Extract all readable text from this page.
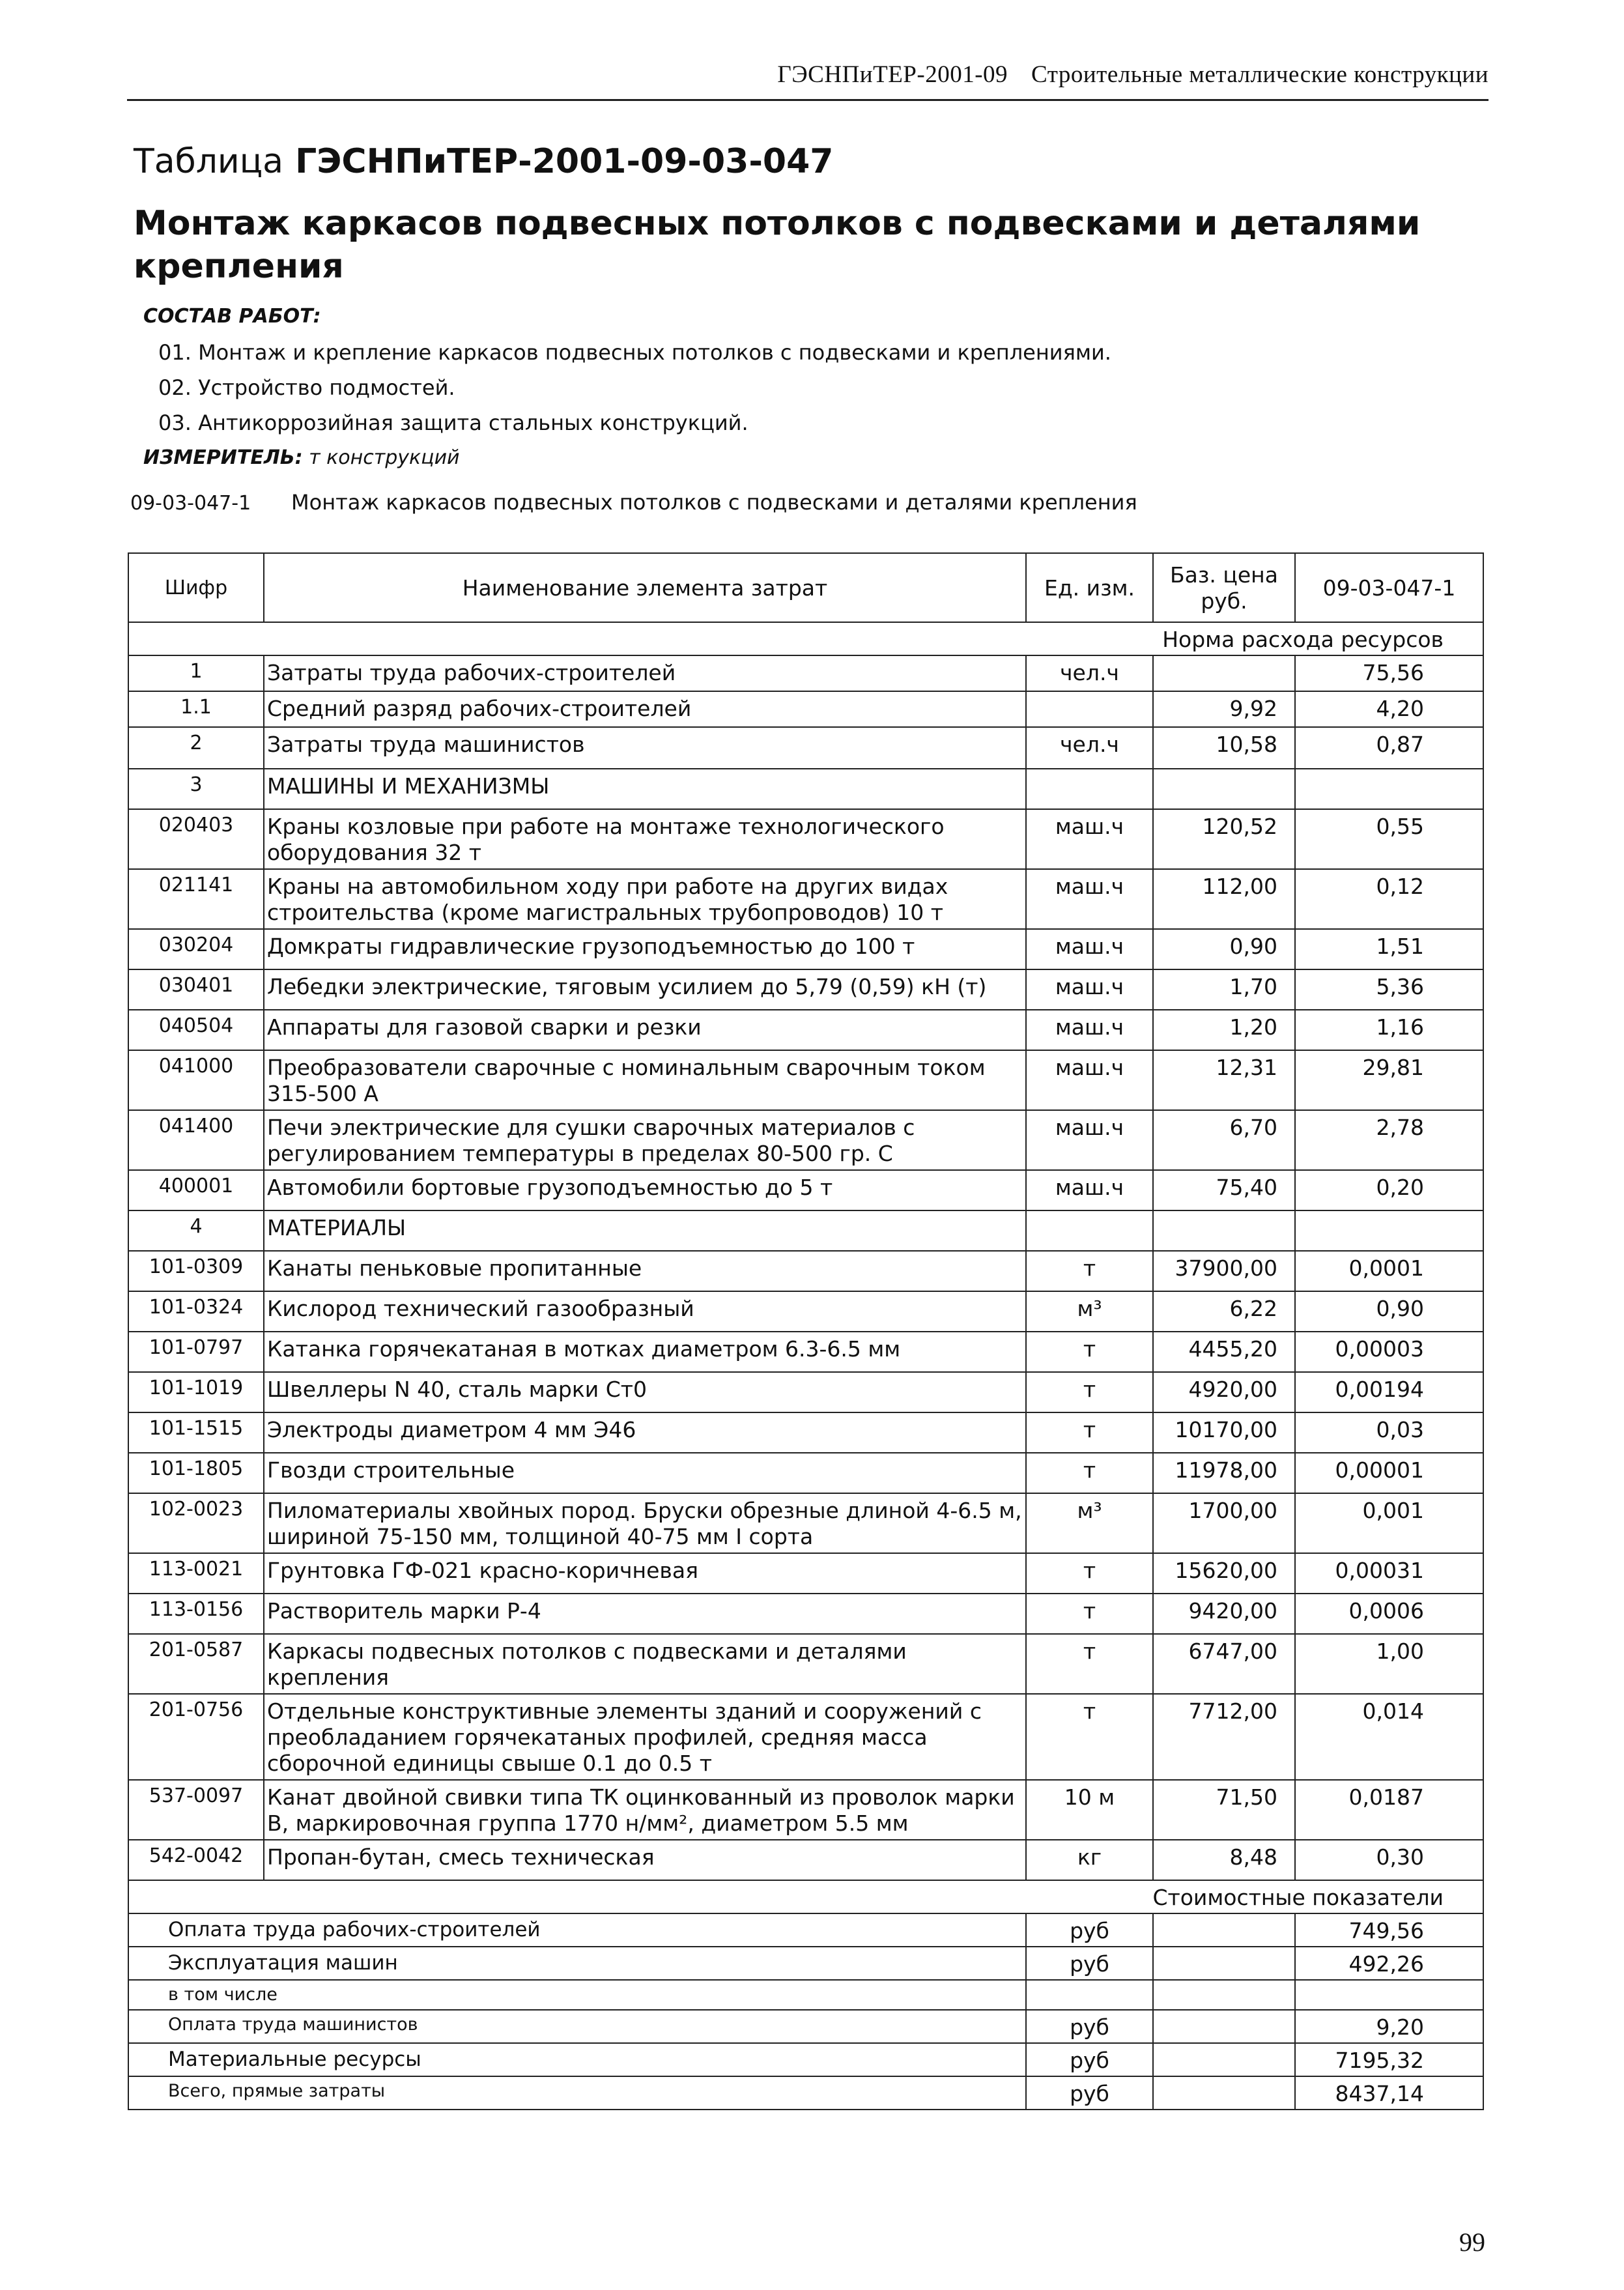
ГЭСНПиТЕР-2001-09 Строительные металлические конструкции
Таблица ГЭСНПиТЕР-2001-09-03-047
Монтаж каркасов подвесных потолков с подвесками и деталями крепления
СОСТАВ РАБОТ:
01. Монтаж и крепление каркасов подвесных потолков с подвесками и креплениями.
02. Устройство подмостей.
03. Антикоррозийная защита стальных конструкций.
ИЗМЕРИТЕЛЬ: т конструкций
09-03-047-1 Монтаж каркасов подвесных потолков с подвесками и деталями крепления
Шифр	Наименование элемента затрат	Ед. изм.	Баз. цена руб.	09-03-047-1
Норма расхода ресурсов				
1	Затраты труда рабочих-строителей	чел.ч		75,56
1.1	Средний разряд рабочих-строителей		9,92	4,20
2	Затраты труда машинистов	чел.ч	10,58	0,87
3	МАШИНЫ И МЕХАНИЗМЫ			
020403	Краны козловые при работе на монтаже технологического оборудования 32 т	маш.ч	120,52	0,55
021141	Краны на автомобильном ходу при работе на других видах строительства (кроме магистральных трубопроводов) 10 т	маш.ч	112,00	0,12
030204	Домкраты гидравлические грузоподъемностью до 100 т	маш.ч	0,90	1,51
030401	Лебедки электрические, тяговым усилием до 5,79 (0,59) кН (т)	маш.ч	1,70	5,36
040504	Аппараты для газовой сварки и резки	маш.ч	1,20	1,16
041000	Преобразователи сварочные с номинальным сварочным током 315-500 А	маш.ч	12,31	29,81
041400	Печи электрические для сушки сварочных материалов с регулированием температуры в пределах 80-500 гр. С	маш.ч	6,70	2,78
400001	Автомобили бортовые грузоподъемностью до 5 т	маш.ч	75,40	0,20
4	МАТЕРИАЛЫ			
101-0309	Канаты пеньковые пропитанные	т	37900,00	0,0001
101-0324	Кислород технический газообразный	м³	6,22	0,90
101-0797	Катанка горячекатаная в мотках диаметром 6.3-6.5 мм	т	4455,20	0,00003
101-1019	Швеллеры N 40, сталь марки Ст0	т	4920,00	0,00194
101-1515	Электроды диаметром 4 мм Э46	т	10170,00	0,03
101-1805	Гвозди строительные	т	11978,00	0,00001
102-0023	Пиломатериалы хвойных пород. Бруски обрезные длиной 4-6.5 м, шириной 75-150 мм, толщиной 40-75 мм I сорта	м³	1700,00	0,001
113-0021	Грунтовка ГФ-021 красно-коричневая	т	15620,00	0,00031
113-0156	Растворитель марки Р-4	т	9420,00	0,0006
201-0587	Каркасы подвесных потолков с подвесками и деталями крепления	т	6747,00	1,00
201-0756	Отдельные конструктивные элементы зданий и сооружений с преобладанием горячекатаных профилей, средняя масса сборочной единицы свыше 0.1 до 0.5 т	т	7712,00	0,014
537-0097	Канат двойной свивки типа ТК оцинкованный из проволок марки В, маркировочная группа 1770 н/мм², диаметром 5.5 мм	10 м	71,50	0,0187
542-0042	Пропан-бутан, смесь техническая	кг	8,48	0,30
Стоимостные показатели				
Оплата труда рабочих-строителей		руб		749,56
Эксплуатация машин		руб		492,26
в том числе				
Оплата труда машинистов		руб		9,20
Материальные ресурсы		руб		7195,32
Всего, прямые затраты		руб		8437,14
99
